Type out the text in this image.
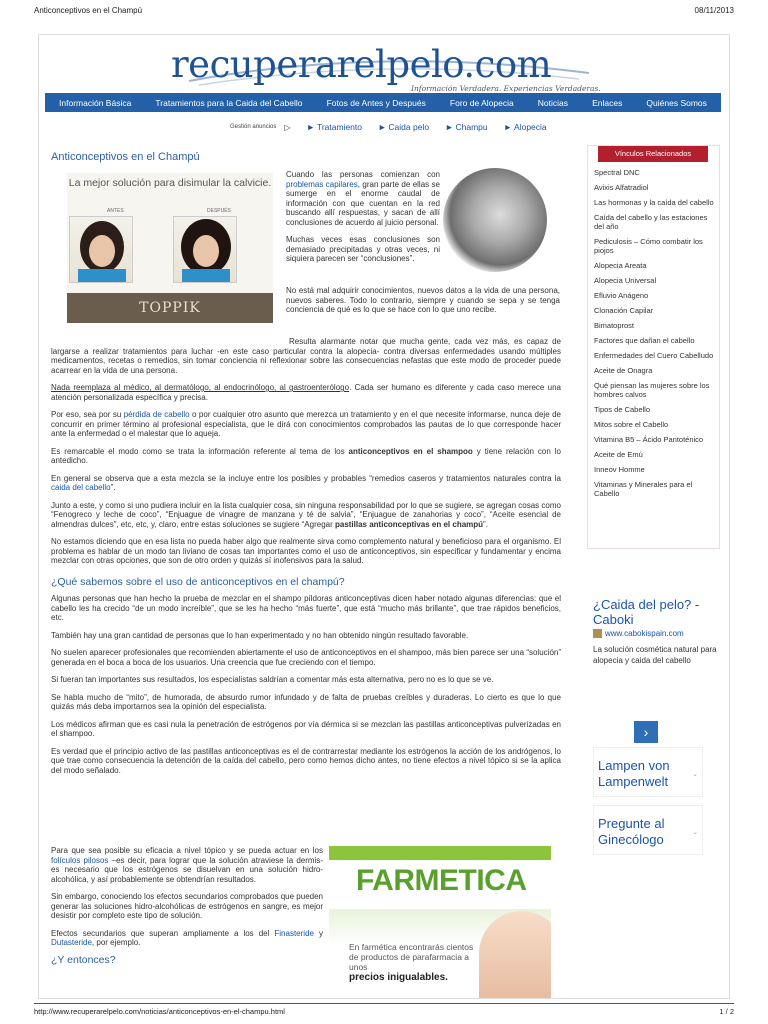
Anticonceptivos en el Champú	08/11/2013
recuperarelpelo.com
Información Verdadera. Experiencias Verdaderas.
Información Básica	Tratamientos para la Caida del Cabello	Fotos de Antes y Después	Foro de Alopecia	Noticias	Enlaces	Quiénes Somos
Gestión anuncios ▷ ► Tratamiento ► Caida pelo ► Champu ► Alopecia
Anticonceptivos en el Champú
La mejor solución para disimular la calvicie.
ANTES	DESPUÉS
TOPPIK

Cuando las personas comienzan con problemas capilares, gran parte de ellas se sumerge en el enorme caudal de información con que cuentan en la red buscando allí respuestas, y sacan de allí conclusiones de acuerdo al juicio personal.

Muchas veces esas conclusiones son demasiado precipitadas y otras veces, ni siquiera parecen ser “conclusiones”.

No está mal adquirir conocimientos, nuevos datos a la vida de una persona, nuevos saberes. Todo lo contrario, siempre y cuando se sepa y se tenga conciencia de qué es lo que se hace con lo que uno recibe.

Resulta alarmante notar que mucha gente, cada vez más, es capaz de largarse a realizar tratamientos para luchar -en este caso particular contra la alopecia- contra diversas enfermedades usando múltiples medicamentos, recetas o remedios, sin tomar conciencia ni reflexionar sobre las consecuencias nefastas que este modo de proceder puede acarrear en la vida de una persona.

Nada reemplaza al médico, al dermatólogo, al endocrinólogo, al gastroenterólogo. Cada ser humano es diferente y cada caso merece una atención personalizada específica y precisa.

Por eso, sea por su pérdida de cabello o por cualquier otro asunto que merezca un tratamiento y en el que necesite informarse, nunca deje de concurrir en primer término al profesional especialista, que le dirá con conocimientos comprobados las pautas de lo que corresponde hacer ante la enfermedad o el malestar que lo aqueja.

Es remarcable el modo como se trata la información referente al tema de los anticonceptivos en el shampoo y tiene relación con lo antedicho.

En general se observa que a esta mezcla se la incluye entre los posibles y probables “remedios caseros y tratamientos naturales contra la caida del cabello”.

Junto a este, y como si uno pudiera incluir en la lista cualquier cosa, sin ninguna responsabilidad por lo que se sugiere, se agregan cosas como “Fenogreco y leche de coco”, “Enjuague de vinagre de manzana y té de salvia”, “Enjuague de zanahorias y coco”, “Aceite esencial de almendras dulces”, etc, etc, y, claro, entre estas soluciones se sugiere “Agregar pastillas anticonceptivas en el champú”.

No estamos diciendo que en esa lista no pueda haber algo que realmente sirva como complemento natural y beneficioso para el organismo. El problema es hablar de un modo tan liviano de cosas tan importantes como el uso de anticonceptivos, sin especificar y fundamentar y encima mezclar con otras opciones, que son de otro orden y quizás sí inofensivos para la salud.

¿Qué sabemos sobre el uso de anticonceptivos en el champú?

Algunas personas que han hecho la prueba de mezclar en el shampo píldoras anticonceptivas dicen haber notado algunas diferencias: que el cabello les ha crecido “de un modo increíble”, que se les ha hecho “más fuerte”, que está “mucho más brillante”, que trae rápidos beneficios, etc.

También hay una gran cantidad de personas que lo han experimentado y no han obtenido ningún resultado favorable.

No suelen aparecer profesionales que recomienden abiertamente el uso de anticonceptivos en el shampoo, más bien parece ser una “solución” generada en el boca a boca de los usuarios. Una creencia que fue creciendo con el tiempo.

Si fueran tan importantes sus resultados, los especialistas saldrían a comentar más esta alternativa, pero no es lo que se ve.

Se habla mucho de “mito”, de humorada, de absurdo rumor infundado y de falta de pruebas creíbles y duraderas. Lo cierto es que lo que quizás más deba importarnos sea la opinión del especialista.

Los médicos afirman que es casi nula la penetración de estrógenos por vía dérmica si se mezclan las pastillas anticonceptivas pulverizadas en el shampoo.

Es verdad que el principio activo de las pastillas anticonceptivas es el de contrarrestar mediante los estrógenos la acción de los andrógenos, lo que trae como consecuencia la detención de la caída del cabello, pero como hemos dicho antes, no tiene efectos a nivel tópico si se la aplica del modo señalado.

Para que sea posible su eficacia a nivel tópico y se pueda actuar en los folículos pilosos –es decir, para lograr que la solución atraviese la dermis- es necesario que los estrógenos se disuelvan en una solución hidro-alcohólica, y así probablemente se obtendrían resultados.

Sin embargo, conociendo los efectos secundarios comprobados que pueden generar las soluciones hidro-alcohólicas de estrógenos en sangre, es mejor desistir por completo este tipo de solución.

Efectos secundarios que superan ampliamente a los del Finasteride y Dutasteride, por ejemplo.

¿Y entonces?
FARMETICA
En farmética encontrarás cientos de productos de parafarmacia a unos
precios inigualables.
Vínculos Relacionados
Spectral DNC
Avixis Alfatradiol
Las hormonas y la caída del cabello
Caída del cabello y las estaciones del año
Pediculosis – Cómo combatir los piojos
Alopecia Areata
Alopecia Universal
Efluvio Anágeno
Clonación Capilar
Bimatoprost
Factores que dañan el cabello
Enfermedades del Cuero Cabelludo
Aceite de Onagra
Qué piensan las mujeres sobre los hombres calvos
Tipos de Cabello
Mitos sobre el Cabello
Vitamina B5 – Ácido Pantoténico
Aceite de Emú
Inneov Homme
Vitaminas y Minerales para el Cabello
¿Caida del pelo? - Caboki
www.cabokispain.com
La solución cosmética natural para alopecia y caida del cabello
›
Lampen von Lampenwelt	⌄
Pregunte al Ginecólogo	⌄
http://www.recuperarelpelo.com/noticias/anticonceptivos-en-el-champu.html	1 / 2
